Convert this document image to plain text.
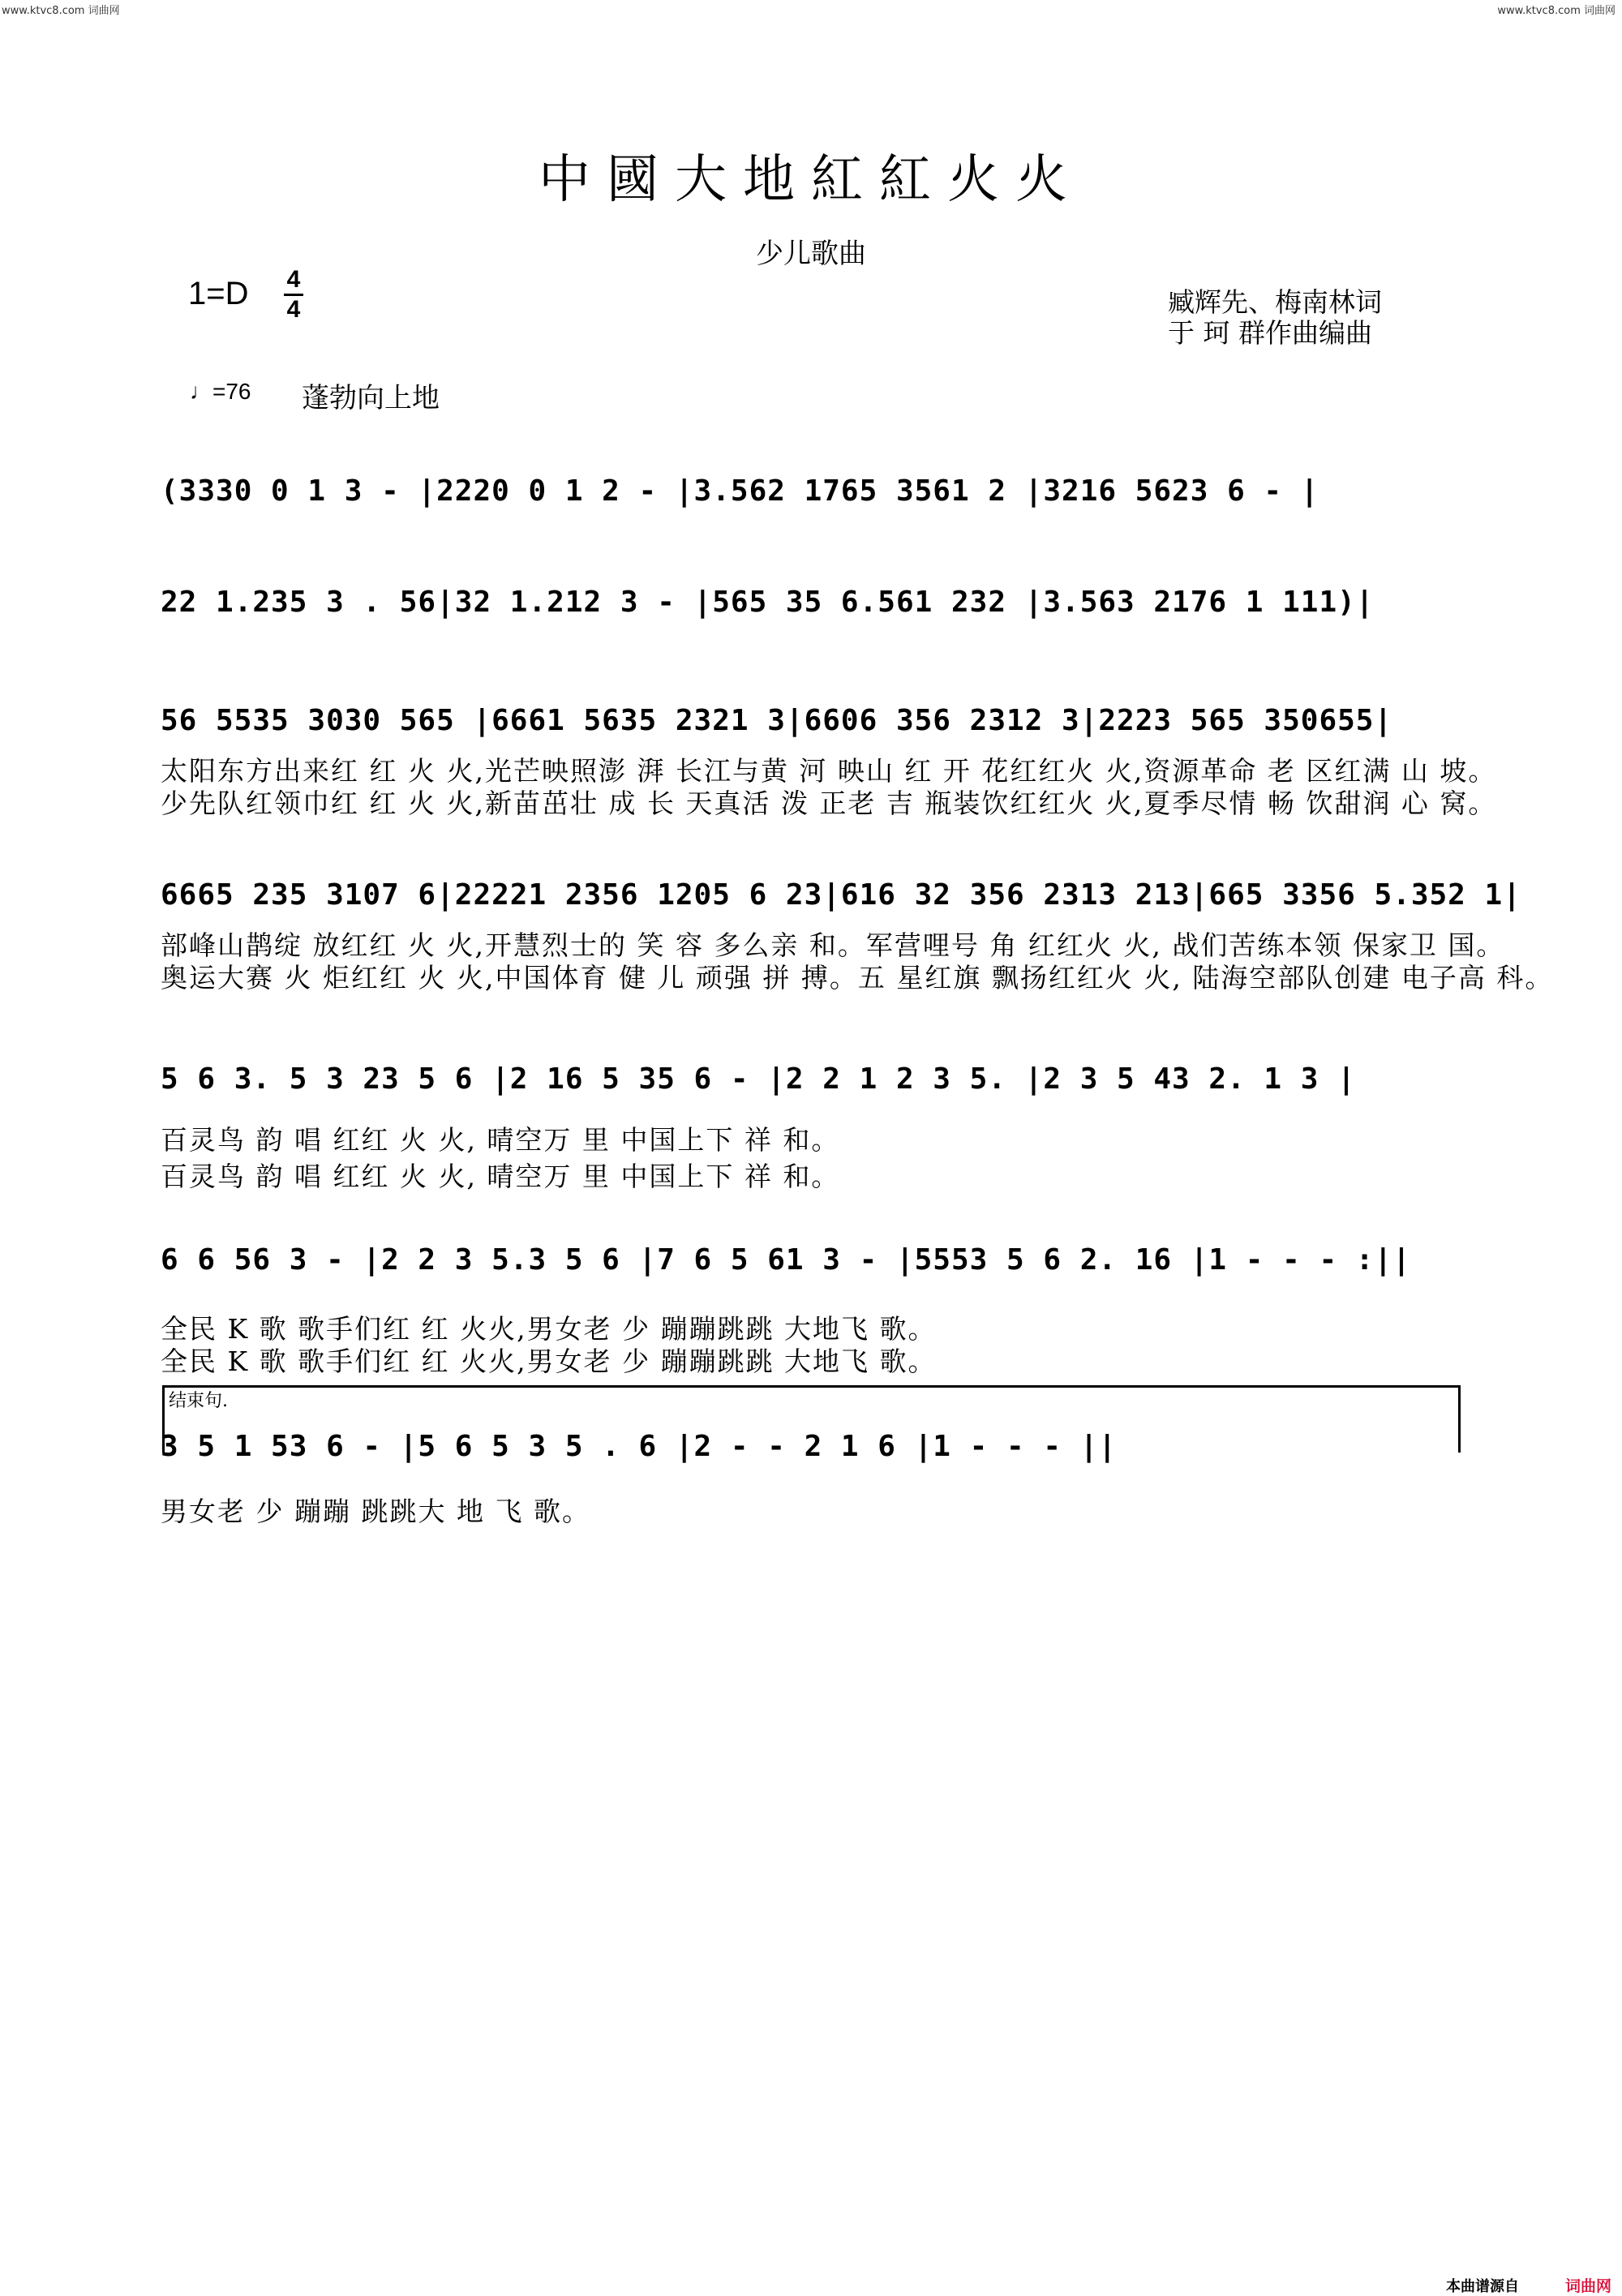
www.ktvc8.com 词曲网	www.ktvc8.com 词曲网
中國大地紅紅火火
少儿歌曲
1=D 4
4	臧辉先、梅南林词
于 珂 群作曲编曲
♩=76 蓬勃向上地
(3330 0 1 3 - |2220 0 1 2 - |3.562 1765 3561 2 |3216 5623 6 - |
22 1.235 3 . 56|32 1.212 3 - |565 35 6.561 232 |3.563 2176 1 111)|
56 5535 3030 565 |6661 5635 2321 3|6606 356 2312 3|2223 565 350655|
太阳东方出来红 红 火 火,光芒映照澎 湃 长江与黄 河 映山 红 开 花红红火 火,资源革命 老 区红满 山 坡。
少先队红领巾红 红 火 火,新苗茁壮 成 长 天真活 泼 正老 吉 瓶装饮红红火 火,夏季尽情 畅 饮甜润 心 窝。
6665 235 3107 6|22221 2356 1205 6 23|616 32 356 2313 213|665 3356 5.352 1|
部峰山鹊绽 放红红 火 火,开慧烈士的 笑 容 多么亲 和。军营哩号 角 红红火 火, 战们苦练本领 保家卫 国。
奥运大赛 火 炬红红 火 火,中国体育 健 儿 顽强 拼 搏。五 星红旗 飘扬红红火 火, 陆海空部队创建 电子高 科。
5 6 3. 5 3 23 5 6 |2 16 5 35 6 - |2 2 1 2 3 5. |2 3 5 43 2. 1 3 |
百灵鸟 韵 唱 红红 火 火, 晴空万 里 中国上下 祥 和。
百灵鸟 韵 唱 红红 火 火, 晴空万 里 中国上下 祥 和。
6 6 56 3 - |2 2 3 5.3 5 6 |7 6 5 61 3 - |5553 5 6 2. 16 |1 - - - :||
全民 K 歌 歌手们红 红 火火,男女老 少 蹦蹦跳跳 大地飞 歌。
全民 K 歌 歌手们红 红 火火,男女老 少 蹦蹦跳跳 大地飞 歌。
结束句.
3 5 1 53 6 - |5 6 5 3 5 . 6 |2 - - 2 1 6 |1 - - - ||
男女老 少 蹦蹦 跳跳大 地 飞 歌。
本曲谱源自	词曲网
